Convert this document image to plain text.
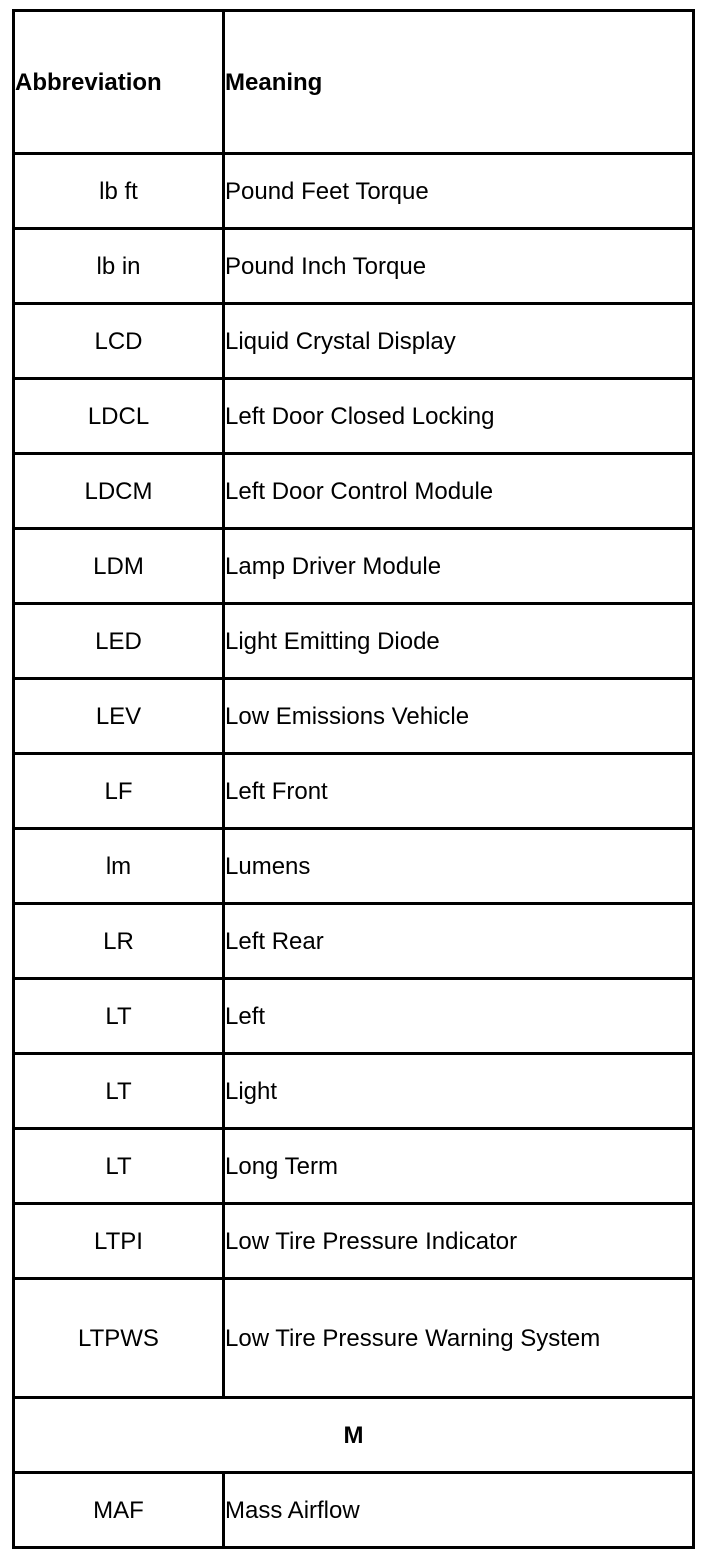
Abbreviation	Meaning
lb ft	Pound Feet Torque
lb in	Pound Inch Torque
LCD	Liquid Crystal Display
LDCL	Left Door Closed Locking
LDCM	Left Door Control Module
LDM	Lamp Driver Module
LED	Light Emitting Diode
LEV	Low Emissions Vehicle
LF	Left Front
lm	Lumens
LR	Left Rear
LT	Left
LT	Light
LT	Long Term
LTPI	Low Tire Pressure Indicator
LTPWS	Low Tire Pressure Warning System
M	
MAF	Mass Airflow
